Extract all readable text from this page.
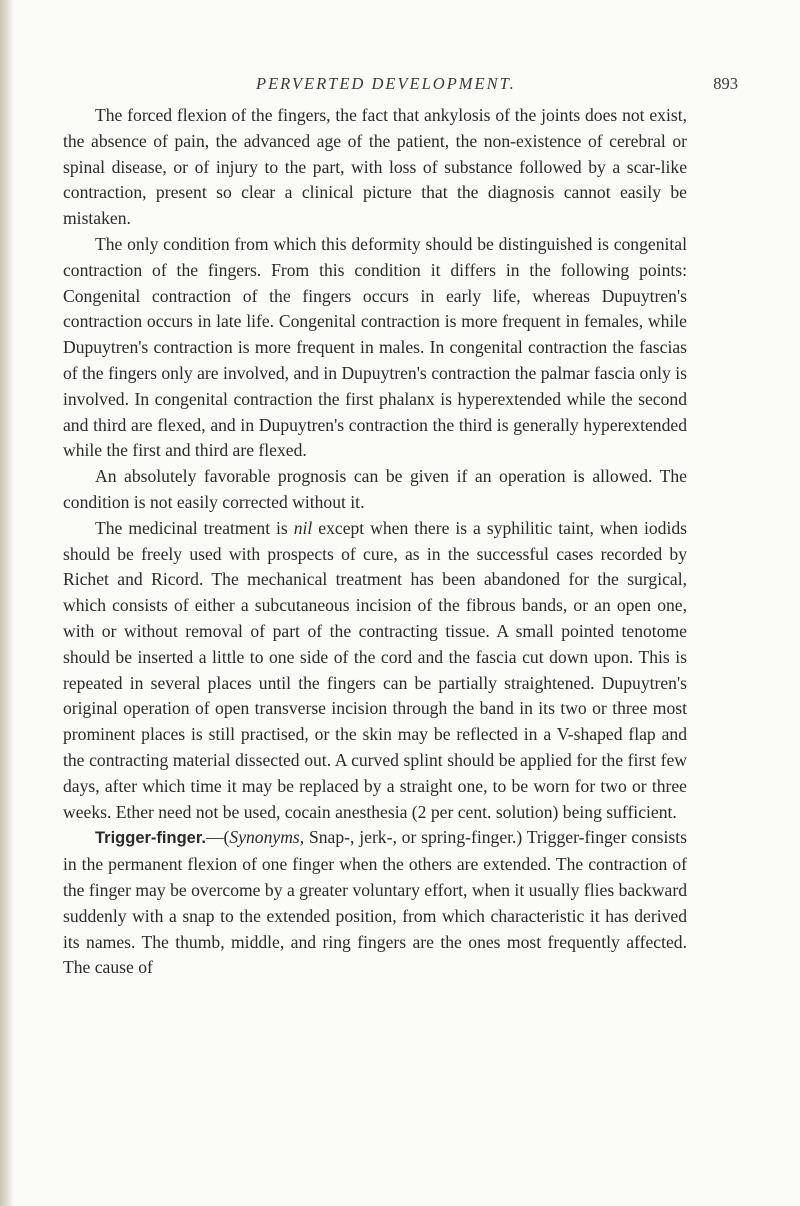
PERVERTED DEVELOPMENT.	893

The forced flexion of the fingers, the fact that ankylosis of the joints does not exist, the absence of pain, the advanced age of the patient, the non-existence of cerebral or spinal disease, or of injury to the part, with loss of substance followed by a scar-like contraction, present so clear a clinical picture that the diagnosis cannot easily be mistaken.

The only condition from which this deformity should be distinguished is congenital contraction of the fingers. From this condition it differs in the following points: Congenital contraction of the fingers occurs in early life, whereas Dupuytren's contraction occurs in late life. Congenital contraction is more frequent in females, while Dupuytren's contraction is more frequent in males. In congenital contraction the fascias of the fingers only are involved, and in Dupuytren's contraction the palmar fascia only is involved. In congenital contraction the first phalanx is hyperextended while the second and third are flexed, and in Dupuytren's contraction the third is generally hyperextended while the first and third are flexed.

An absolutely favorable prognosis can be given if an operation is allowed. The condition is not easily corrected without it.

The medicinal treatment is nil except when there is a syphilitic taint, when iodids should be freely used with prospects of cure, as in the successful cases recorded by Richet and Ricord. The mechanical treatment has been abandoned for the surgical, which consists of either a subcutaneous incision of the fibrous bands, or an open one, with or without removal of part of the contracting tissue. A small pointed tenotome should be inserted a little to one side of the cord and the fascia cut down upon. This is repeated in several places until the fingers can be partially straightened. Dupuytren's original operation of open transverse incision through the band in its two or three most prominent places is still practised, or the skin may be reflected in a V-shaped flap and the contracting material dissected out. A curved splint should be applied for the first few days, after which time it may be replaced by a straight one, to be worn for two or three weeks. Ether need not be used, cocain anesthesia (2 per cent. solution) being sufficient.

Trigger-finger.—(Synonyms, Snap-, jerk-, or spring-finger.) Trigger-finger consists in the permanent flexion of one finger when the others are extended. The contraction of the finger may be overcome by a greater voluntary effort, when it usually flies backward suddenly with a snap to the extended position, from which characteristic it has derived its names. The thumb, middle, and ring fingers are the ones most frequently affected. The cause of
